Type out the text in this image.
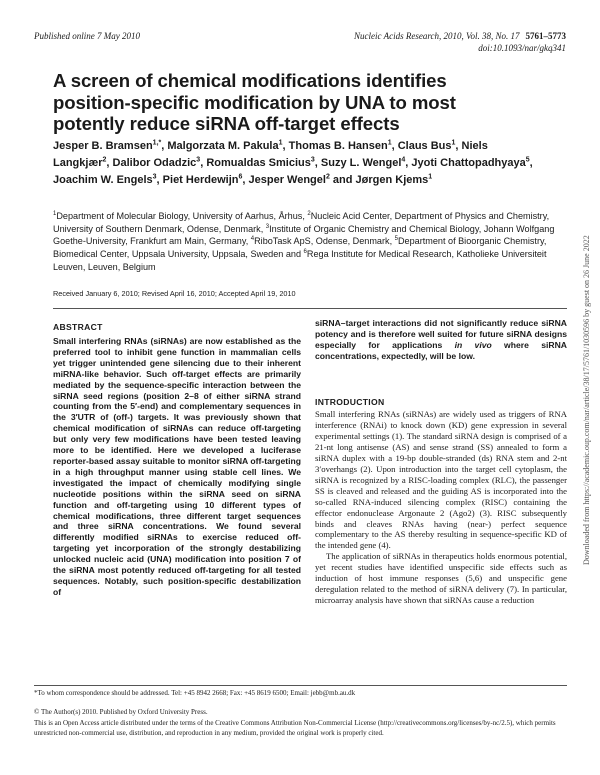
Published online 7 May 2010	Nucleic Acids Research, 2010, Vol. 38, No. 17 5761–5773
doi:10.1093/nar/gkq341
A screen of chemical modifications identifies position-specific modification by UNA to most potently reduce siRNA off-target effects
Jesper B. Bramsen$^{1,*}$, Malgorzata M. Pakula$^1$, Thomas B. Hansen$^1$, Claus Bus$^1$, Niels Langkjær$^2$, Dalibor Odadzic$^3$, Romualdas Smicius$^3$, Suzy L. Wengel$^4$, Jyoti Chattopadhyaya$^5$, Joachim W. Engels$^3$, Piet Herdewijn$^6$, Jesper Wengel$^2$ and Jørgen Kjems$^1$
$^1$Department of Molecular Biology, University of Aarhus, Århus, $^2$Nucleic Acid Center, Department of Physics and Chemistry, University of Southern Denmark, Odense, Denmark, $^3$Institute of Organic Chemistry and Chemical Biology, Johann Wolfgang Goethe-University, Frankfurt am Main, Germany, $^4$RiboTask ApS, Odense, Denmark, $^5$Department of Bioorganic Chemistry, Biomedical Center, Uppsala University, Uppsala, Sweden and $^6$Rega Institute for Medical Research, Katholieke Universiteit Leuven, Leuven, Belgium
Received January 6, 2010; Revised April 16, 2010; Accepted April 19, 2010
ABSTRACT
Small interfering RNAs (siRNAs) are now established as the preferred tool to inhibit gene function in mammalian cells yet trigger unintended gene silencing due to their inherent miRNA-like behavior. Such off-target effects are primarily mediated by the sequence-specific interaction between the siRNA seed regions (position 2–8 of either siRNA strand counting from the 5′-end) and complementary sequences in the 3′UTR of (off-) targets. It was previously shown that chemical modification of siRNAs can reduce off-targeting but only very few modifications have been tested leaving more to be identified. Here we developed a luciferase reporter-based assay suitable to monitor siRNA off-targeting in a high throughput manner using stable cell lines. We investigated the impact of chemically modifying single nucleotide positions within the siRNA seed on siRNA function and off-targeting using 10 different types of chemical modifications, three different target sequences and three siRNA concentrations. We found several differently modified siRNAs to exercise reduced off-targeting yet incorporation of the strongly destabilizing unlocked nucleic acid (UNA) modification into position 7 of the siRNA most potently reduced off-targeting for all tested sequences. Notably, such position-specific destabilization of
siRNA–target interactions did not significantly reduce siRNA potency and is therefore well suited for future siRNA designs especially for applications in vivo where siRNA concentrations, expectedly, will be low.
INTRODUCTION

Small interfering RNAs (siRNAs) are widely used as triggers of RNA interference (RNAi) to knock down (KD) gene expression in several experimental settings (1). The standard siRNA design is comprised of a 21-nt long antisense (AS) and sense strand (SS) annealed to form a siRNA duplex with a 19-bp double-stranded (ds) RNA stem and 2-nt 3′overhangs (2). Upon introduction into the target cell cytoplasm, the siRNA is recognized by a RISC-loading complex (RLC), the passenger SS is cleaved and released and the guiding AS is incorporated into the so-called RNA-induced silencing complex (RISC) containing the effector endonuclease Argonaute 2 (Ago2) (3). RISC subsequently binds and cleaves RNAs having (near-) perfect sequence complementary to the AS thereby resulting in sequence-specific KD of the intended gene (4).

The application of siRNAs in therapeutics holds enormous potential, yet recent studies have identified unspecific side effects such as induction of host immune responses (5,6) and unspecific gene deregulation related to the method of siRNA delivery (7). In particular, microarray analysis have shown that siRNAs cause a reduction

*To whom correspondence should be addressed. Tel: +45 8942 2668; Fax: +45 8619 6500; Email: jebb@mb.au.dk
© The Author(s) 2010. Published by Oxford University Press.
This is an Open Access article distributed under the terms of the Creative Commons Attribution Non-Commercial License (http://creativecommons.org/licenses/by-nc/2.5), which permits unrestricted non-commercial use, distribution, and reproduction in any medium, provided the original work is properly cited.
Downloaded from https://academic.oup.com/nar/article/38/17/5761/1030596 by guest on 26 June 2022
